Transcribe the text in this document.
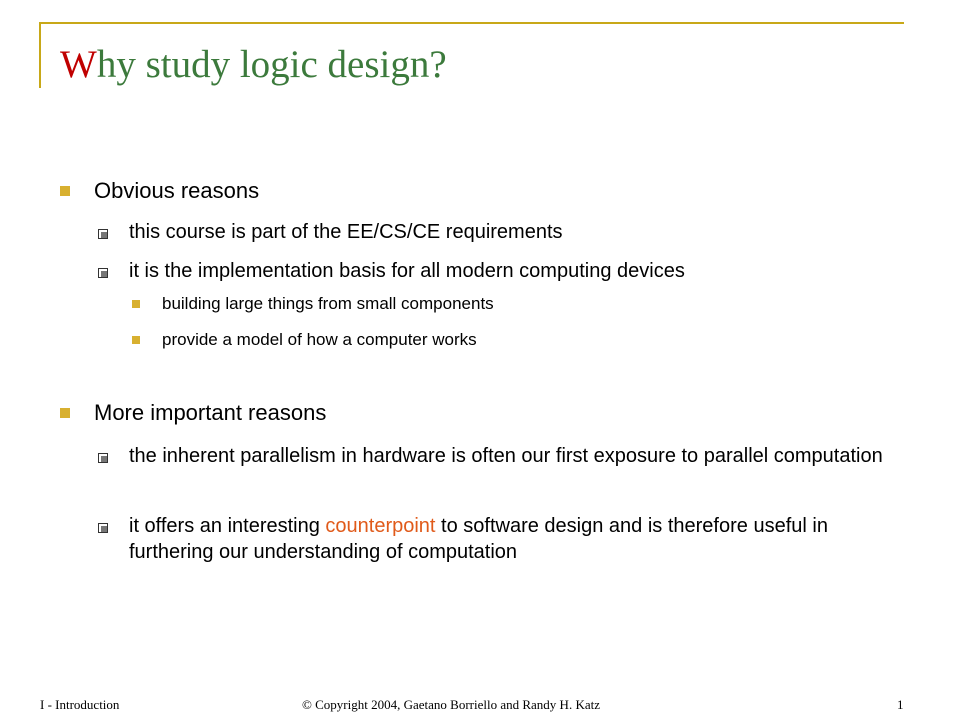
Why study logic design?
Obvious reasons
this course is part of the EE/CS/CE requirements
it is the implementation basis for all modern computing devices
building large things from small components
provide a model of how a computer works
More important reasons
the inherent parallelism in hardware is often our first exposure to parallel computation
it offers an interesting counterpoint to software design and is therefore useful in furthering our understanding of computation
I - Introduction	© Copyright 2004, Gaetano Borriello and Randy H. Katz	1
